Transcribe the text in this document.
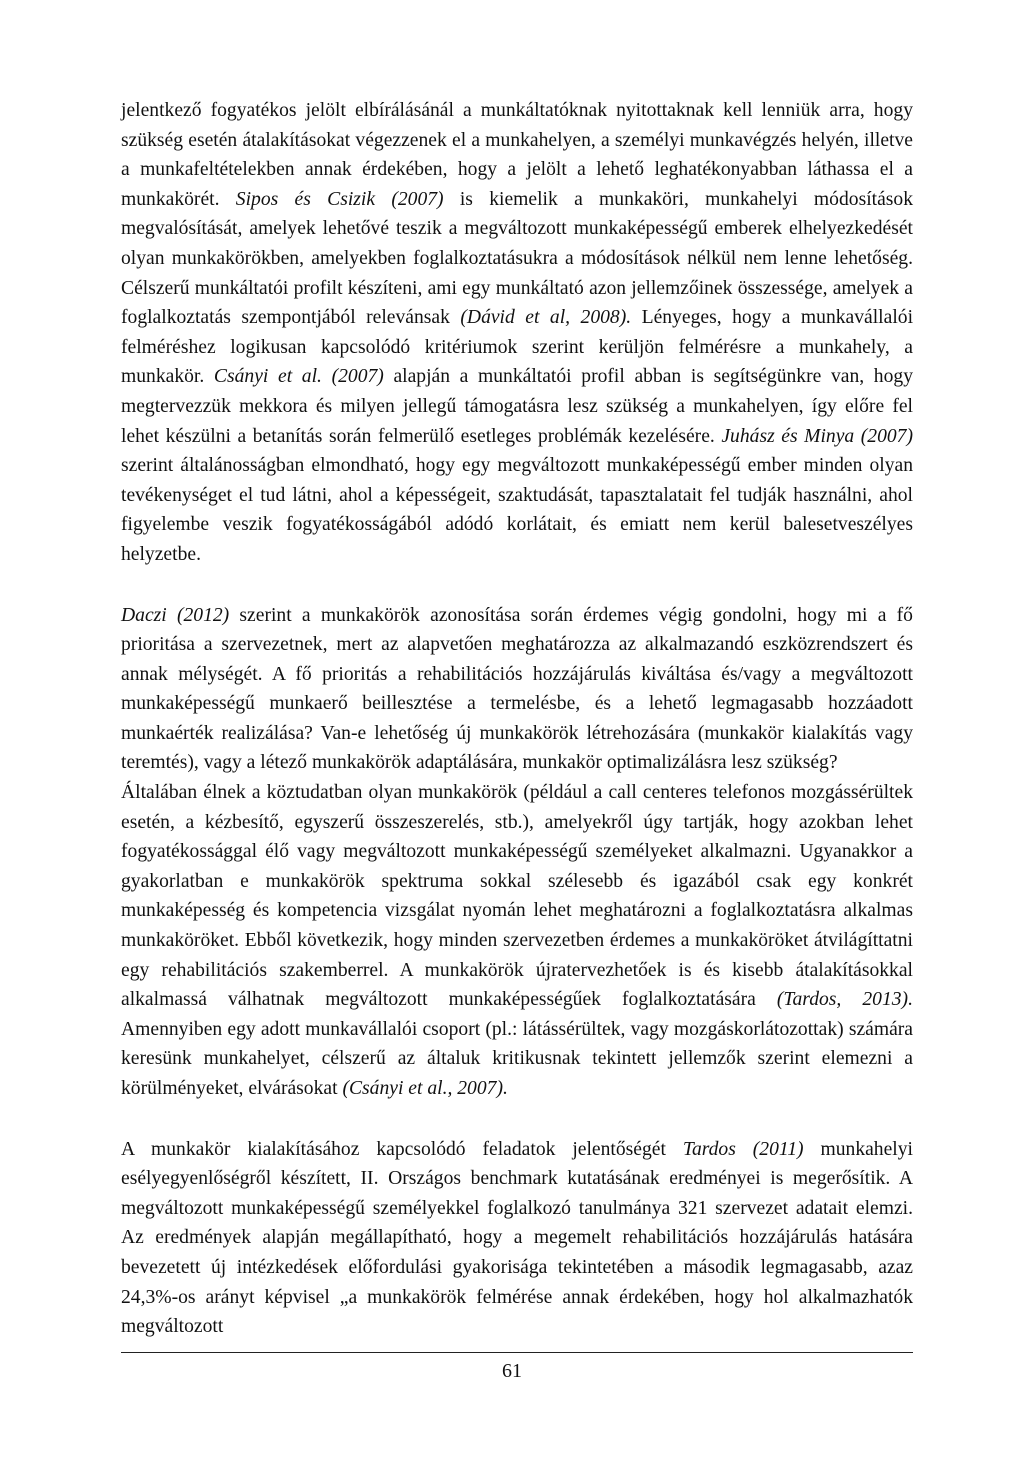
jelentkező fogyatékos jelölt elbírálásánál a munkáltatóknak nyitottaknak kell lenniük arra, hogy szükség esetén átalakításokat végezzenek el a munkahelyen, a személyi munkavégzés helyén, illetve a munkafeltételekben annak érdekében, hogy a jelölt a lehető leghatékonyabban láthassa el a munkakörét. Sipos és Csizik (2007) is kiemelik a munkaköri, munkahelyi módosítások megvalósítását, amelyek lehetővé teszik a megváltozott munkaképességű emberek elhelyezkedését olyan munkakörökben, amelyekben foglalkoztatásukra a módosítások nélkül nem lenne lehetőség. Célszerű munkáltatói profilt készíteni, ami egy munkáltató azon jellemzőinek összessége, amelyek a foglalkoztatás szempontjából relevánsak (Dávid et al, 2008). Lényeges, hogy a munkavállalói felméréshez logikusan kapcsolódó kritériumok szerint kerüljön felmérésre a munkahely, a munkakör. Csányi et al. (2007) alapján a munkáltatói profil abban is segítségünkre van, hogy megtervezzük mekkora és milyen jellegű támogatásra lesz szükség a munkahelyen, így előre fel lehet készülni a betanítás során felmerülő esetleges problémák kezelésére. Juhász és Minya (2007) szerint általánosságban elmondható, hogy egy megváltozott munkaképességű ember minden olyan tevékenységet el tud látni, ahol a képességeit, szaktudását, tapasztalatait fel tudják használni, ahol figyelembe veszik fogyatékosságából adódó korlátait, és emiatt nem kerül balesetveszélyes helyzetbe.

Daczi (2012) szerint a munkakörök azonosítása során érdemes végig gondolni, hogy mi a fő prioritása a szervezetnek, mert az alapvetően meghatározza az alkalmazandó eszközrendszert és annak mélységét. A fő prioritás a rehabilitációs hozzájárulás kiváltása és/vagy a megváltozott munkaképességű munkaerő beillesztése a termelésbe, és a lehető legmagasabb hozzáadott munkaérték realizálása? Van-e lehetőség új munkakörök létrehozására (munkakör kialakítás vagy teremtés), vagy a létező munkakörök adaptálására, munkakör optimalizálásra lesz szükség?

Általában élnek a köztudatban olyan munkakörök (például a call centeres telefonos mozgássérültek esetén, a kézbesítő, egyszerű összeszerelés, stb.), amelyekről úgy tartják, hogy azokban lehet fogyatékossággal élő vagy megváltozott munkaképességű személyeket alkalmazni. Ugyanakkor a gyakorlatban e munkakörök spektruma sokkal szélesebb és igazából csak egy konkrét munkaképesség és kompetencia vizsgálat nyomán lehet meghatározni a foglalkoztatásra alkalmas munkaköröket. Ebből következik, hogy minden szervezetben érdemes a munkaköröket átvilágíttatni egy rehabilitációs szakemberrel. A munkakörök újratervezhetőek is és kisebb átalakításokkal alkalmassá válhatnak megváltozott munkaképességűek foglalkoztatására (Tardos, 2013). Amennyiben egy adott munkavállalói csoport (pl.: látássérültek, vagy mozgáskorlátozottak) számára keresünk munkahelyet, célszerű az általuk kritikusnak tekintett jellemzők szerint elemezni a körülményeket, elvárásokat (Csányi et al., 2007).

A munkakör kialakításához kapcsolódó feladatok jelentőségét Tardos (2011) munkahelyi esélyegyenlőségről készített, II. Országos benchmark kutatásának eredményei is megerősítik. A megváltozott munkaképességű személyekkel foglalkozó tanulmánya 321 szervezet adatait elemzi. Az eredmények alapján megállapítható, hogy a megemelt rehabilitációs hozzájárulás hatására bevezetett új intézkedések előfordulási gyakorisága tekintetében a második legmagasabb, azaz 24,3%-os arányt képvisel „a munkakörök felmérése annak érdekében, hogy hol alkalmazhatók megváltozott

61
